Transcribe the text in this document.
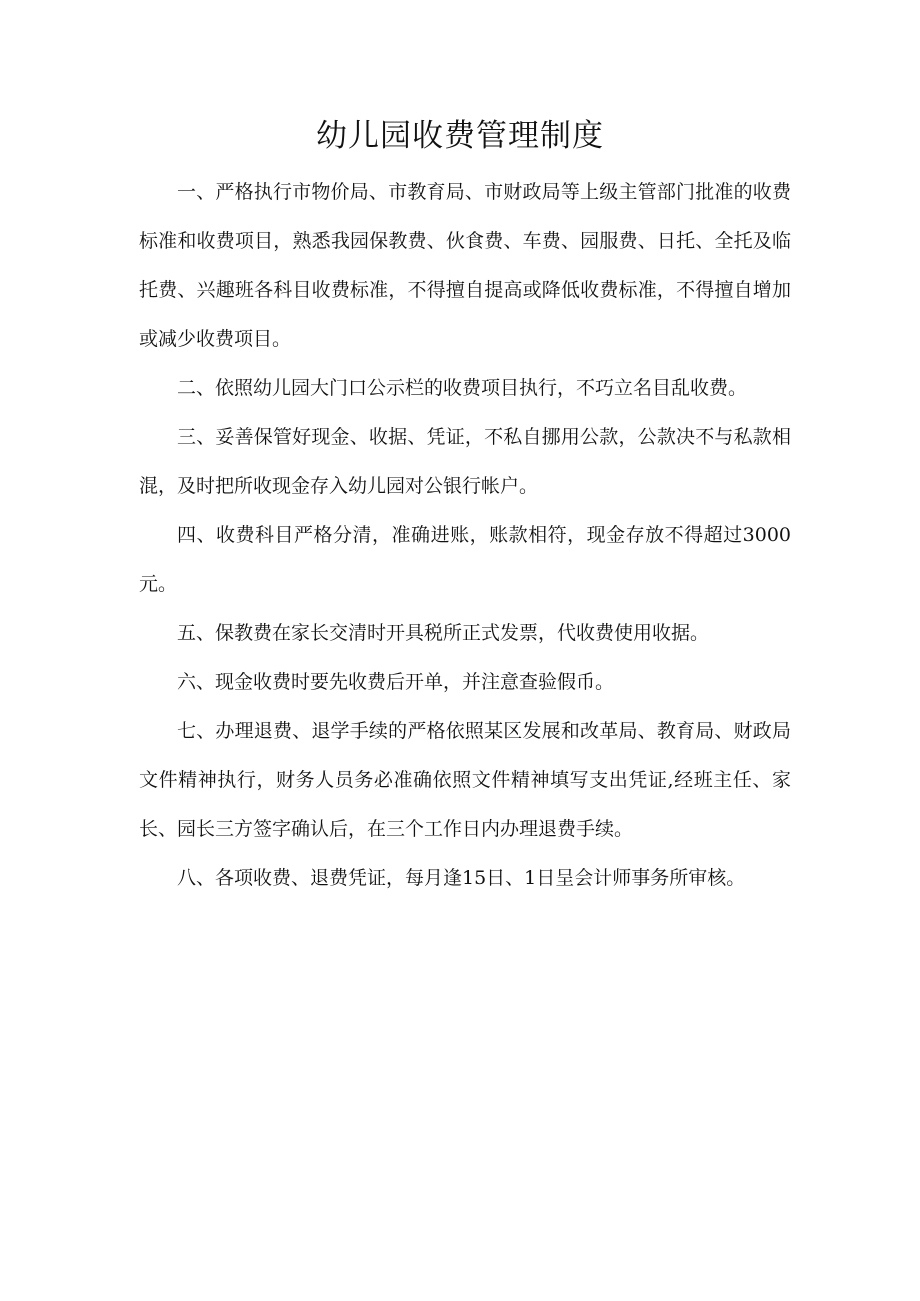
幼儿园收费管理制度

一、严格执行市物价局、市教育局、市财政局等上级主管部门批准的收费标准和收费项目，熟悉我园保教费、伙食费、车费、园服费、日托、全托及临托费、兴趣班各科目收费标准，不得擅自提高或降低收费标准，不得擅自增加或减少收费项目。

二、依照幼儿园大门口公示栏的收费项目执行，不巧立名目乱收费。

三、妥善保管好现金、收据、凭证，不私自挪用公款，公款决不与私款相混，及时把所收现金存入幼儿园对公银行帐户。

四、收费科目严格分清，准确进账，账款相符，现金存放不得超过3000元。

五、保教费在家长交清时开具税所正式发票，代收费使用收据。

六、现金收费时要先收费后开单，并注意查验假币。

七、办理退费、退学手续的严格依照某区发展和改革局、教育局、财政局文件精神执行，财务人员务必准确依照文件精神填写支出凭证,经班主任、家长、园长三方签字确认后，在三个工作日内办理退费手续。

八、各项收费、退费凭证，每月逢15日、1日呈会计师事务所审核。
